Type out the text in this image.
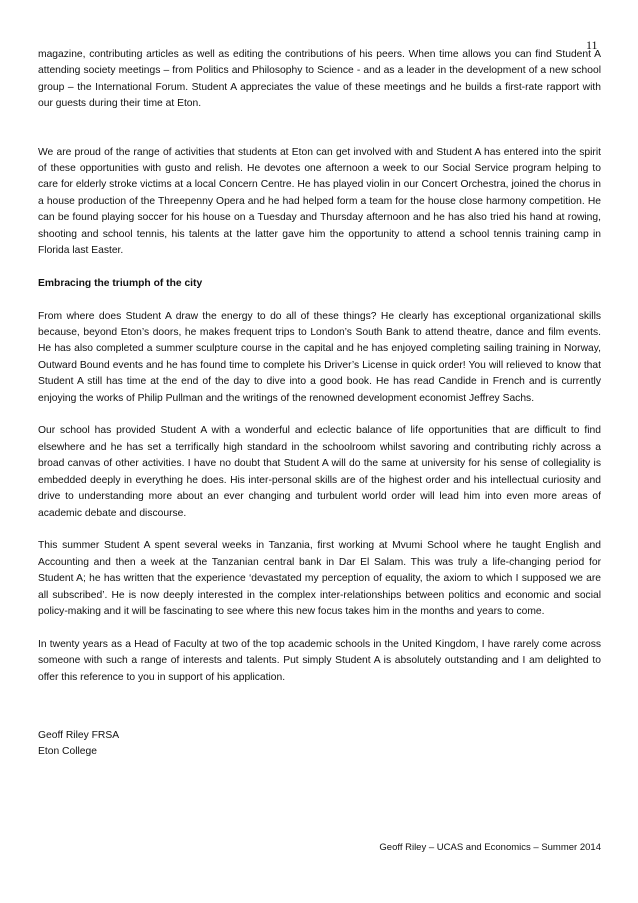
11

magazine, contributing articles as well as editing the contributions of his peers. When time allows you can find Student A attending society meetings – from Politics and Philosophy to Science - and as a leader in the development of a new school group – the International Forum. Student A appreciates the value of these meetings and he builds a first-rate rapport with our guests during their time at Eton.

We are proud of the range of activities that students at Eton can get involved with and Student A has entered into the spirit of these opportunities with gusto and relish. He devotes one afternoon a week to our Social Service program helping to care for elderly stroke victims at a local Concern Centre. He has played violin in our Concert Orchestra, joined the chorus in a house production of the Threepenny Opera and he had helped form a team for the house close harmony competition. He can be found playing soccer for his house on a Tuesday and Thursday afternoon and he has also tried his hand at rowing, shooting and school tennis, his talents at the latter gave him the opportunity to attend a school tennis training camp in Florida last Easter.

Embracing the triumph of the city

From where does Student A draw the energy to do all of these things? He clearly has exceptional organizational skills because, beyond Eton’s doors, he makes frequent trips to London’s South Bank to attend theatre, dance and film events. He has also completed a summer sculpture course in the capital and he has enjoyed completing sailing training in Norway, Outward Bound events and he has found time to complete his Driver’s License in quick order! You will relieved to know that Student A still has time at the end of the day to dive into a good book. He has read Candide in French and is currently enjoying the works of Philip Pullman and the writings of the renowned development economist Jeffrey Sachs.

Our school has provided Student A with a wonderful and eclectic balance of life opportunities that are difficult to find elsewhere and he has set a terrifically high standard in the schoolroom whilst savoring and contributing richly across a broad canvas of other activities. I have no doubt that Student A will do the same at university for his sense of collegiality is embedded deeply in everything he does. His inter-personal skills are of the highest order and his intellectual curiosity and drive to understanding more about an ever changing and turbulent world order will lead him into even more areas of academic debate and discourse.

This summer Student A spent several weeks in Tanzania, first working at Mvumi School where he taught English and Accounting and then a week at the Tanzanian central bank in Dar El Salam. This was truly a life-changing period for Student A; he has written that the experience ‘devastated my perception of equality, the axiom to which I supposed we are all subscribed’. He is now deeply interested in the complex inter-relationships between politics and economic and social policy-making and it will be fascinating to see where this new focus takes him in the months and years to come.

In twenty years as a Head of Faculty at two of the top academic schools in the United Kingdom, I have rarely come across someone with such a range of interests and talents. Put simply Student A is absolutely outstanding and I am delighted to offer this reference to you in support of his application.

Geoff Riley FRSA
Eton College
Geoff Riley – UCAS and Economics – Summer 2014
